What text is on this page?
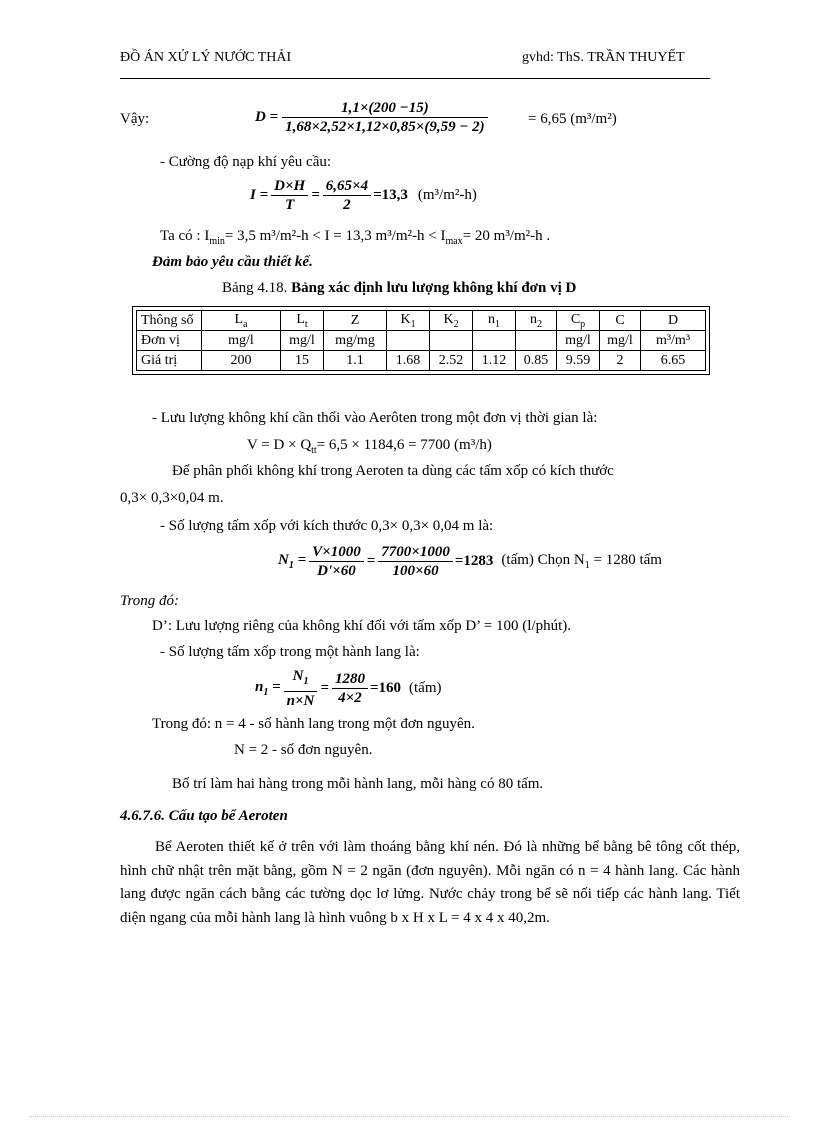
ĐỒ ÁN XỬ LÝ NƯỚC THẢI	gvhd: ThS. TRẦN THUYẾT
Vậy:	$D = \frac{1,1\times(200 -15)}{1,68\times 2,52\times 1,12\times 0,85\times(9,59 - 2)}$	= 6,65 (m³/m²)
- Cường độ nạp khí yêu cầu:
$I = \frac{D\times H}{T} = \frac{6,65\times 4}{2} =13,3$ (m³/m²-h)
Ta có : $I_{min}= 3,5$ m³/m²-h < I = 13,3 $m^3/m^2-h < I_{max}= 20$ m³/m²-h .
Đảm bảo yêu cầu thiết kế.
Bảng 4.18. Bảng xác định lưu lượng không khí đơn vị D
Thông số	$L_a$	$L_t$	Z	$K_1$	$K_2$	$n_1$	$n_2$	$C_p$	C	D
Đơn vị	mg/l	mg/l	mg/mg					mg/l	mg/l	m³/m³
Giá trị	200	15	1.1	1.68	2.52	1.12	0.85	9.59	2	6.65
- Lưu lượng không khí cần thổi vào Aerôten trong một đơn vị thời gian là:
$V = D \times Q_{tt}= 6,5 \times 1184,6 = 7700$ (m³/h)
Để phân phối không khí trong Aeroten ta dùng các tấm xốp có kích thước
0,3× 0,3×0,04 m.
- Số lượng tấm xốp với kích thước 0,3× 0,3× 0,04 m là:
$N_1 = \frac{V\times 1000}{D'\times 60} = \frac{7700\times 1000}{100\times 60} =1283$ (tấm) Chọn $N_1 = 1280$ tấm
Trong đó:
D’: Lưu lượng riêng của không khí đối với tấm xốp D’ = 100 (l/phút).
- Số lượng tấm xốp trong một hành lang là:
$n_1 = \frac{N_1}{n\times N} = \frac{1280}{4\times 2} =160$ (tấm)
Trong đó: n = 4 - số hành lang trong một đơn nguyên.
N = 2 - số đơn nguyên.
Bố trí làm hai hàng trong mỗi hành lang, mỗi hàng có 80 tấm.
4.6.7.6. Cấu tạo bể Aeroten
Bể Aeroten thiết kế ở trên với làm thoáng bằng khí nén. Đó là những bể bằng bê tông cốt thép, hình chữ nhật trên mặt bằng, gồm N = 2 ngăn (đơn nguyên). Mỗi ngăn có n = 4 hành lang. Các hành lang được ngăn cách bằng các tường dọc lơ lửng. Nước chảy trong bể sẽ nối tiếp các hành lang. Tiết diện ngang của mỗi hành lang là hình vuông b x H x L = 4 x 4 x 40,2m.
